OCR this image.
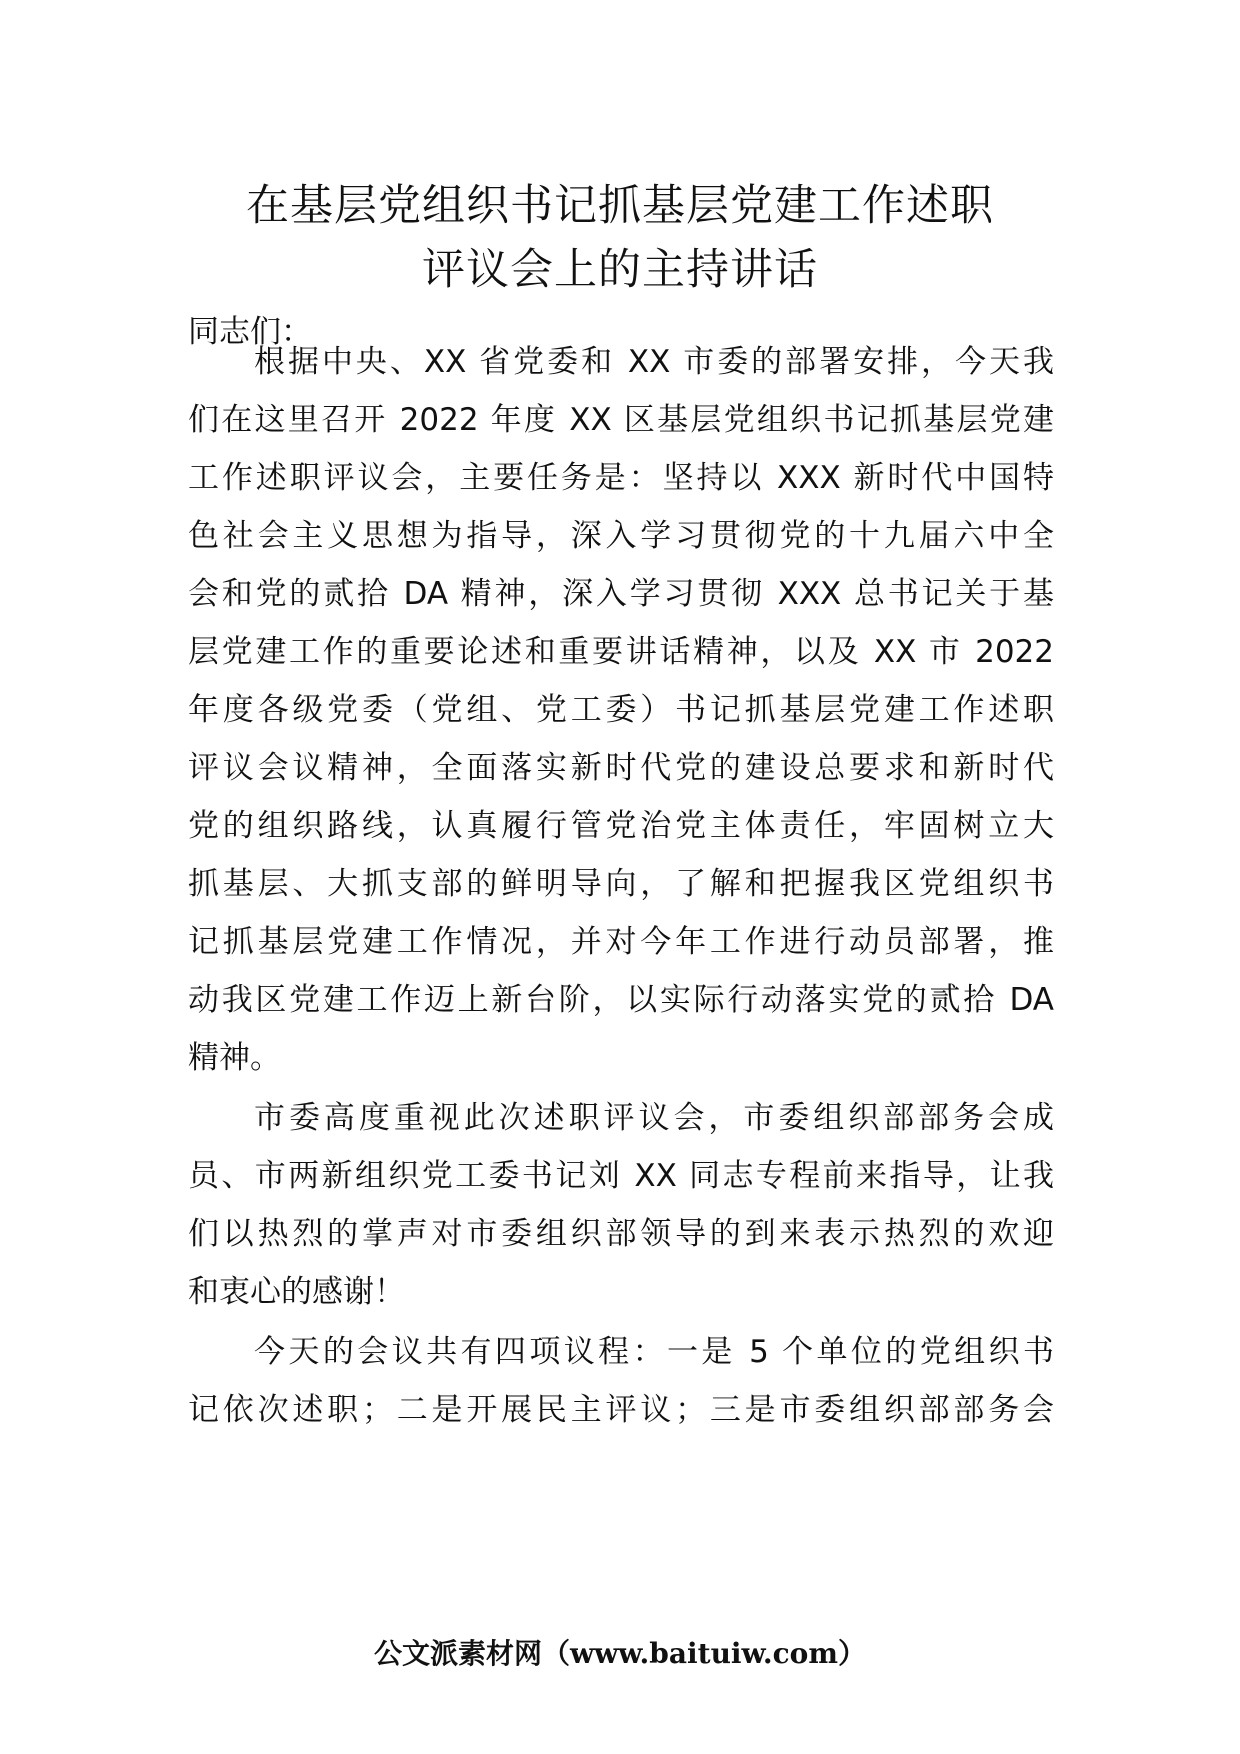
在基层党组织书记抓基层党建工作述职
评议会上的主持讲话
同志们：
根据中央、XX 省党委和 XX 市委的部署安排，今天我
们在这里召开 2022 年度 XX 区基层党组织书记抓基层党建
工作述职评议会，主要任务是：坚持以 XXX 新时代中国特
色社会主义思想为指导，深入学习贯彻党的十九届六中全
会和党的贰拾 DA 精神，深入学习贯彻 XXX 总书记关于基
层党建工作的重要论述和重要讲话精神，以及 XX 市 2022
年度各级党委（党组、党工委）书记抓基层党建工作述职
评议会议精神，全面落实新时代党的建设总要求和新时代
党的组织路线，认真履行管党治党主体责任，牢固树立大
抓基层、大抓支部的鲜明导向，了解和把握我区党组织书
记抓基层党建工作情况，并对今年工作进行动员部署，推
动我区党建工作迈上新台阶，以实际行动落实党的贰拾 DA
精神。
市委高度重视此次述职评议会，市委组织部部务会成
员、市两新组织党工委书记刘 XX 同志专程前来指导，让我
们以热烈的掌声对市委组织部领导的到来表示热烈的欢迎
和衷心的感谢！
今天的会议共有四项议程：一是 5 个单位的党组织书
记依次述职；二是开展民主评议；三是市委组织部部务会
公文派素材网（www.baituiw.com）
